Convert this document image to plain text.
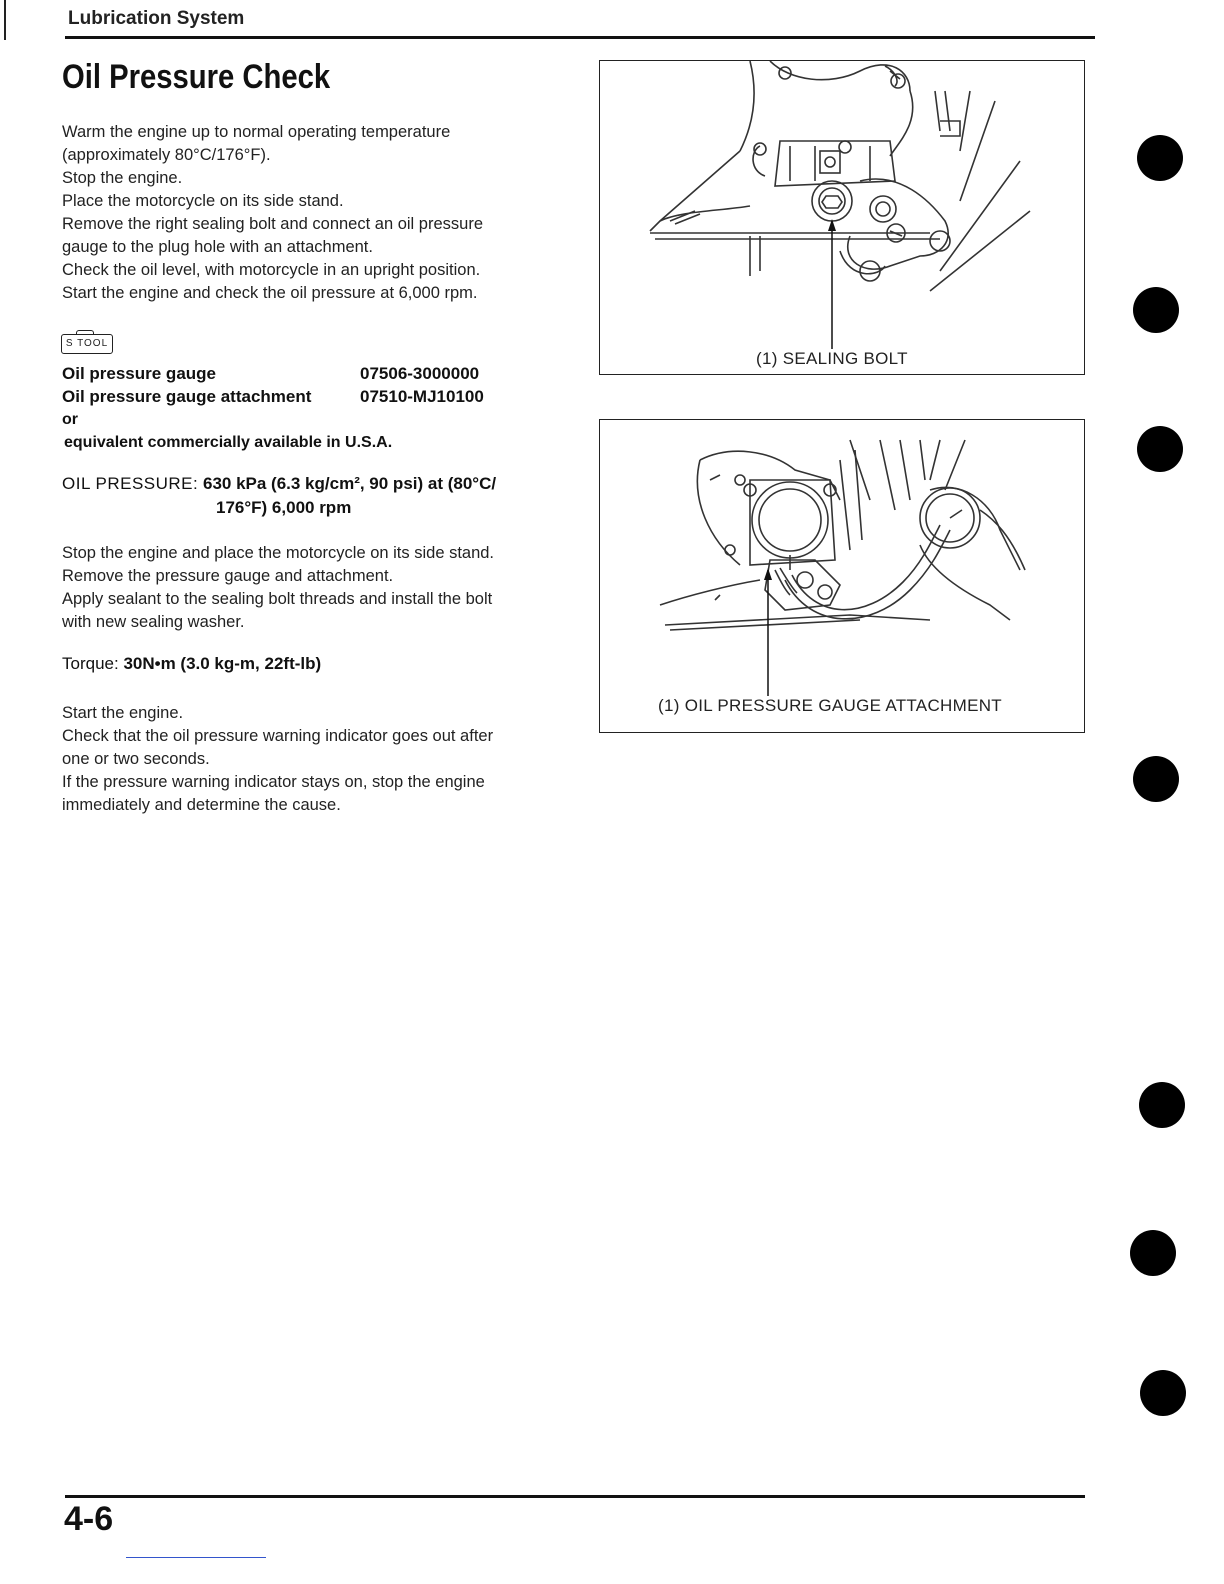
Lubrication System
Oil Pressure Check

Warm the engine up to normal operating temperature

(approximately 80°C/176°F).

Stop the engine.

Place the motorcycle on its side stand.

Remove the right sealing bolt and connect an oil pressure

gauge to the plug hole with an attachment.

Check the oil level, with motorcycle in an upright position.

Start the engine and check the oil pressure at 6,000 rpm.

S TOOL
Oil pressure gauge	07506-3000000
Oil pressure gauge attachment	07510-MJ10100
or
equivalent commercially available in U.S.A.
OIL PRESSURE: 630 kPa (6.3 kg/cm², 90 psi) at (80°C/
176°F) 6,000 rpm

Stop the engine and place the motorcycle on its side stand.

Remove the pressure gauge and attachment.

Apply sealant to the sealing bolt threads and install the bolt

with new sealing washer.

Torque: 30N•m (3.0 kg-m, 22ft-lb)

Start the engine.

Check that the oil pressure warning indicator goes out after

one or two seconds.

If the pressure warning indicator stays on, stop the engine

immediately and determine the cause.

(1) SEALING BOLT
(1) OIL PRESSURE GAUGE ATTACHMENT
4-6
